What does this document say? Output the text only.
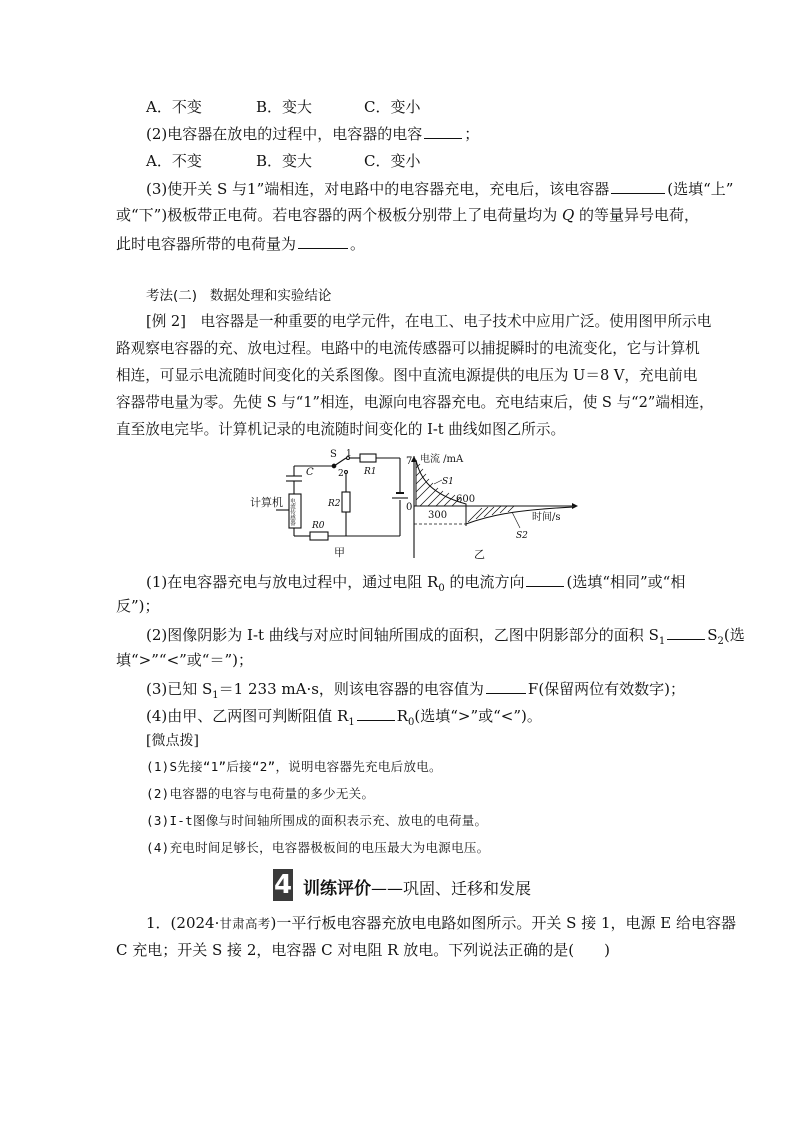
A．不变	B．变大	C．变小
(2)电容器在放电的过程中，电容器的电容	；
A．不变	B．变大	C．变小
(3)使开关 S 与1”端相连，对电路中的电容器充电，充电后，该电容器	(选填“上”
或“下”)极板带正电荷。若电容器的两个极板分别带上了电荷量均为 Q 的等量异号电荷，
此时电容器所带的电荷量为	。
考法(二) 数据处理和实验结论
[例 2]　电容器是一种重要的电学元件，在电工、电子技术中应用广泛。使用图甲所示电
路观察电容器的充、放电过程。电路中的电流传感器可以捕捉瞬时的电流变化，它与计算机
相连，可显示电流随时间变化的关系图像。图中直流电源提供的电压为 U＝8 V，充电前电
容器带电量为零。先使 S 与“1”相连，电源向电容器充电。充电结束后，使 S 与“2”端相连，
直至放电完毕。计算机记录的电流随时间变化的 I-t 曲线如图乙所示。
S 1
2
C	R1
R2
R0
计算机 电流传感器
甲
电流 /mA
7
0
300
600
时间/s
S1
S2
乙
(1)在电容器充电与放电过程中，通过电阻 $R_0$ 的电流方向	(选填“相同”或“相
反”)；
(2)图像阴影为 I-t 曲线与对应时间轴所围成的面积，乙图中阴影部分的面积 $S_1$	$S_2$(选
填“>”“<”或“＝”)；
(3)已知 $S_1=1$ 233 mA·s，则该电容器的电容值为	F(保留两位有效数字)；
(4)由甲、乙两图可判断阻值 $R_1$	$R_0$(选填“>”或“<”)。
[微点拨]
(1)S先接“1”后接“2”，说明电容器先充电后放电。
(2)电容器的电容与电荷量的多少无关。
(3)I-t图像与时间轴所围成的面积表示充、放电的电荷量。
(4)充电时间足够长，电容器极板间的电压最大为电源电压。
4 训练评价——巩固、迁移和发展
1．(2024·甘肃高考)一平行板电容器充放电电路如图所示。开关 S 接 1，电源 E 给电容器
C 充电；开关 S 接 2，电容器 C 对电阻 R 放电。下列说法正确的是(　　)
